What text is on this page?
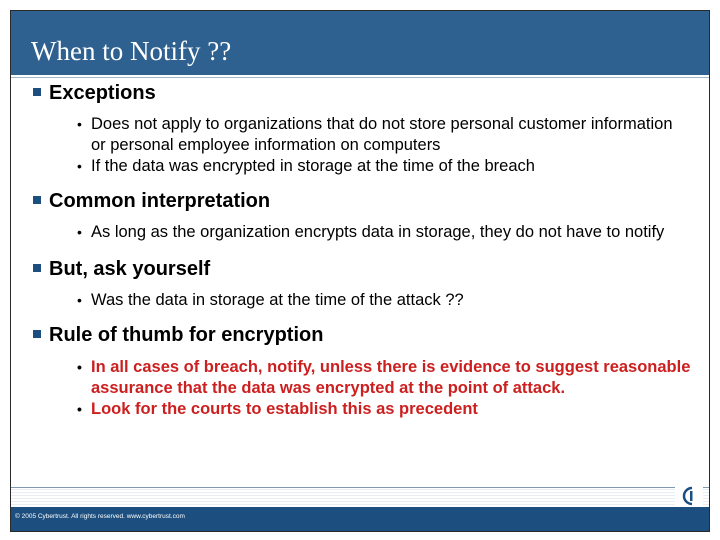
When to Notify ??
Exceptions
• Does not apply to organizations that do not store personal customer information or personal employee information on computers
• If the data was encrypted in storage at the time of the breach
Common interpretation
• As long as the organization encrypts data in storage, they do not have to notify
But, ask yourself
• Was the data in storage at the time of the attack ??
Rule of thumb for encryption
• In all cases of breach, notify, unless there is evidence to suggest reasonable assurance that the data was encrypted at the point of attack.
• Look for the courts to establish this as precedent
© 2005 Cybertrust. All rights reserved. www.cybertrust.com
